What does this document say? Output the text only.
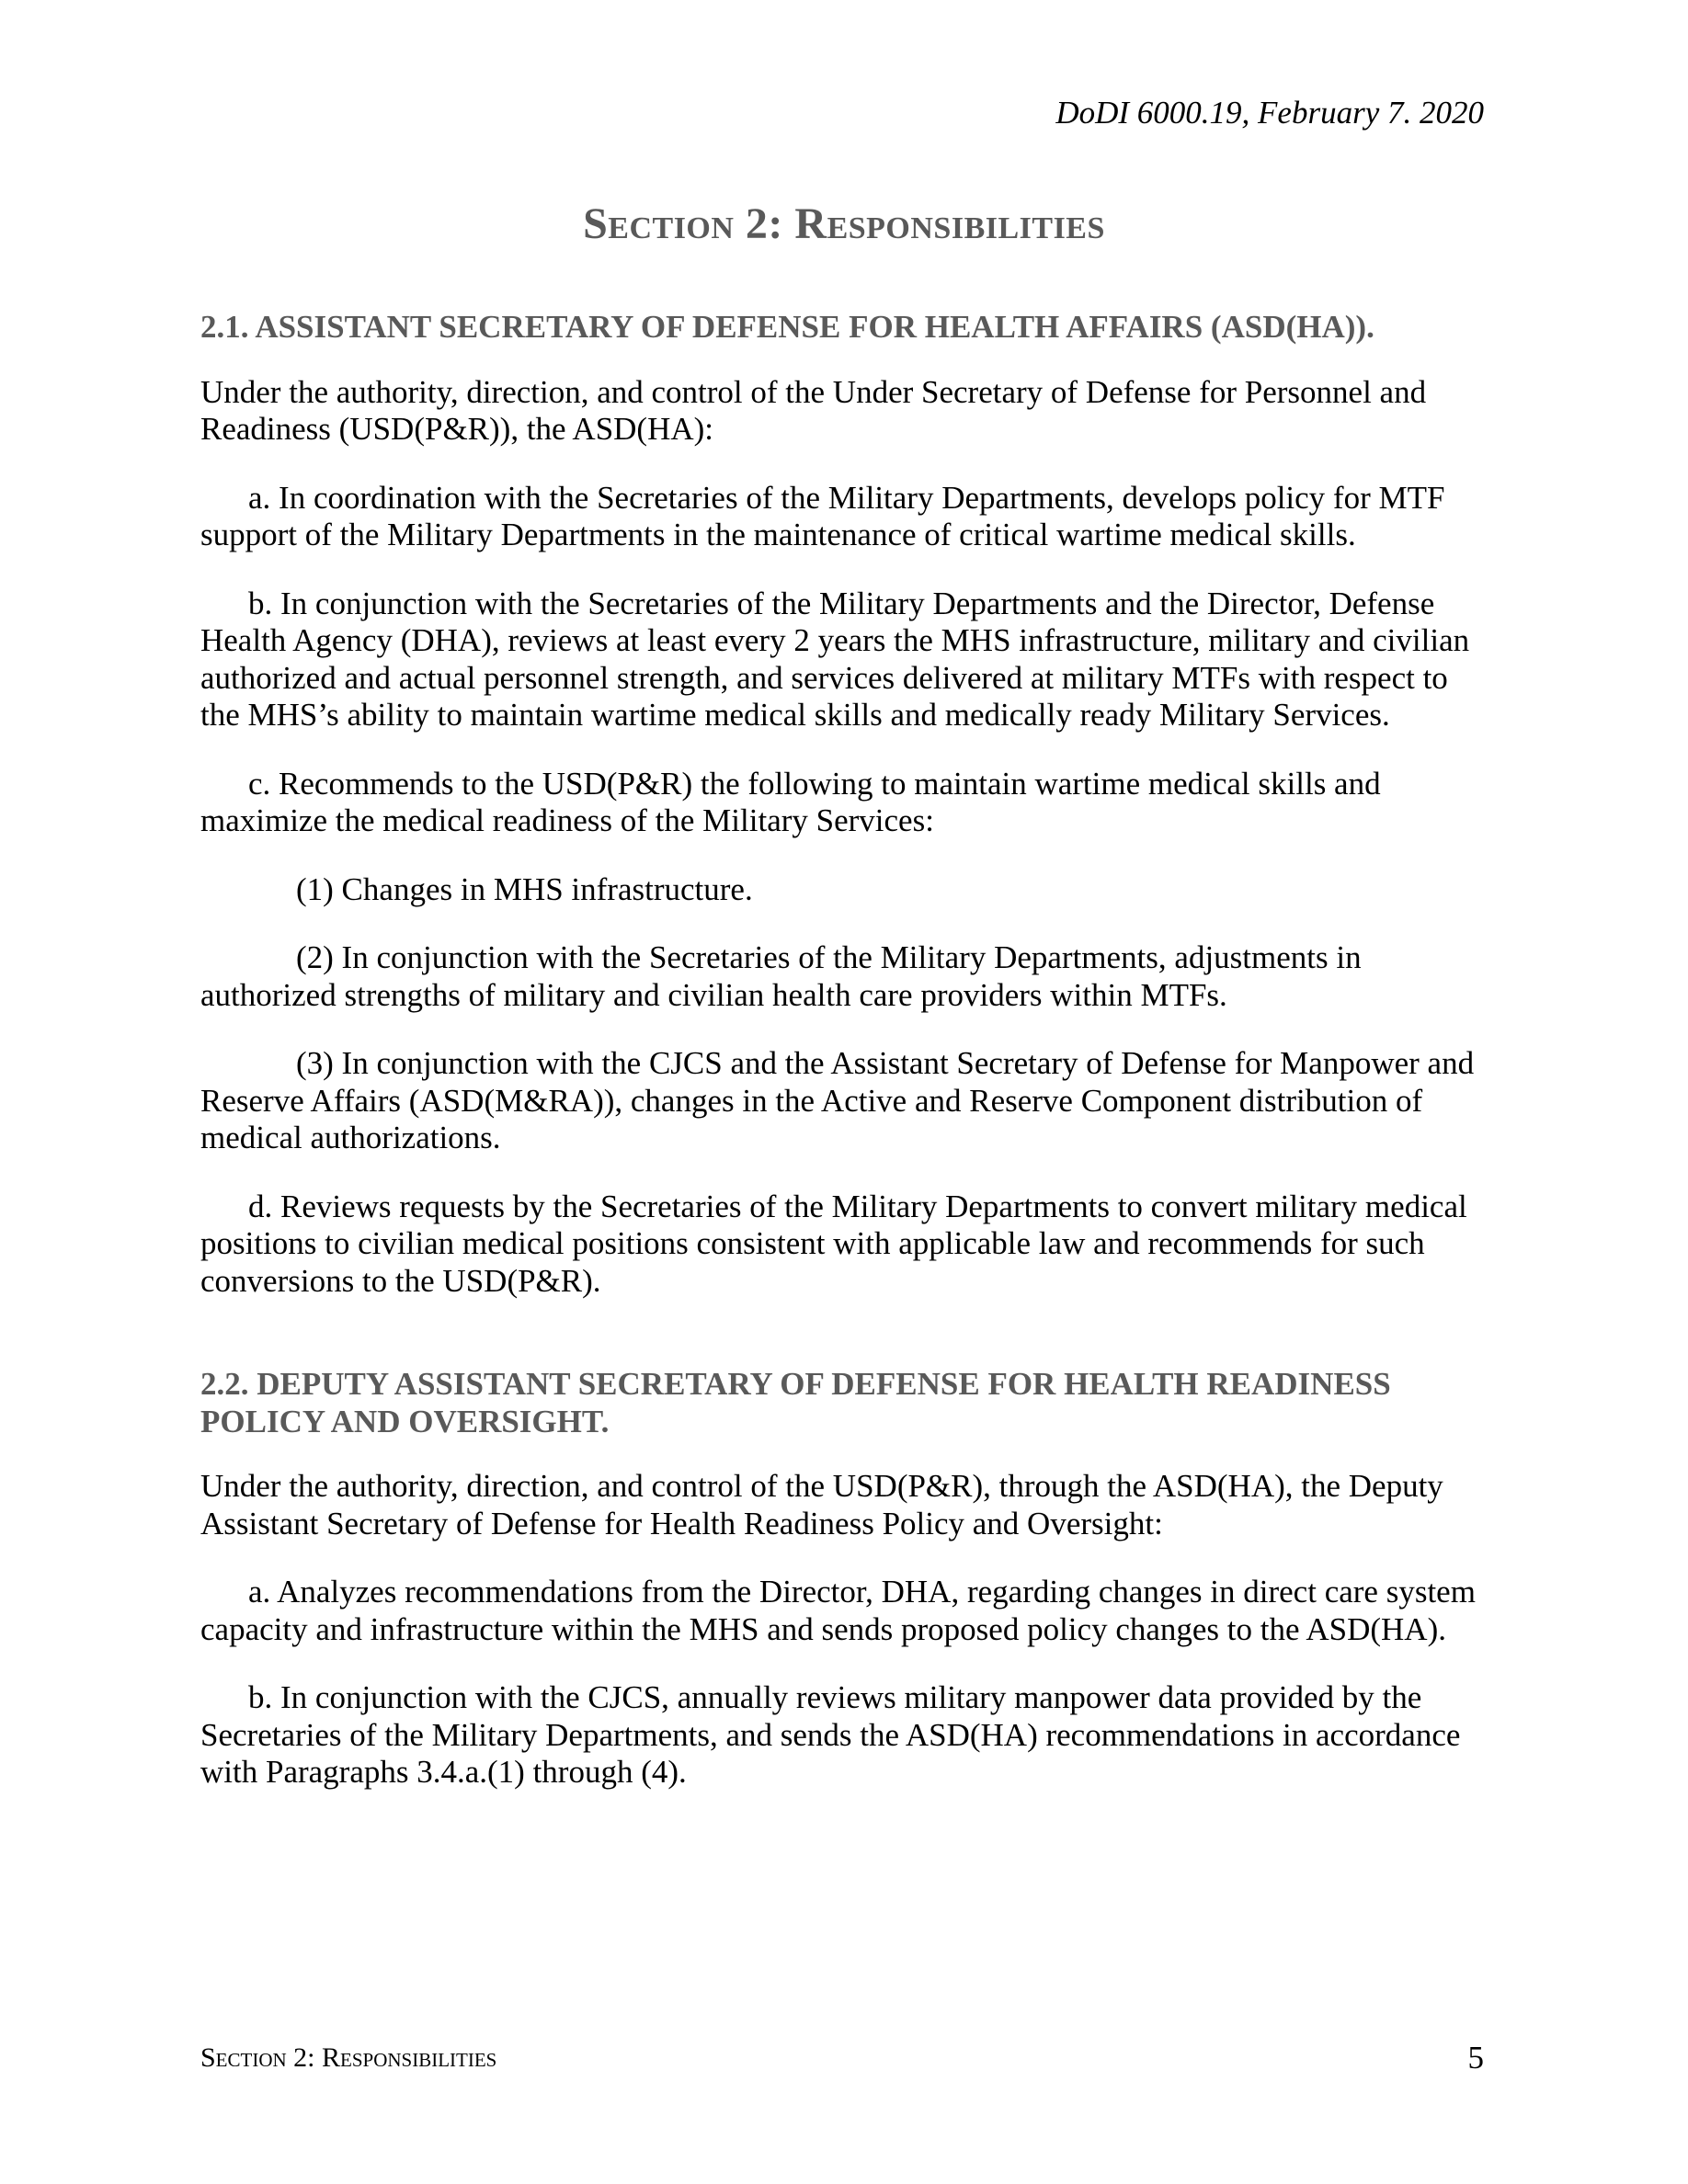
DoDI 6000.19, February 7. 2020
Section 2: Responsibilities
2.1. ASSISTANT SECRETARY OF DEFENSE FOR HEALTH AFFAIRS (ASD(HA)).

Under the authority, direction, and control of the Under Secretary of Defense for Personnel and Readiness (USD(P&R)), the ASD(HA):

a. In coordination with the Secretaries of the Military Departments, develops policy for MTF support of the Military Departments in the maintenance of critical wartime medical skills.

b. In conjunction with the Secretaries of the Military Departments and the Director, Defense Health Agency (DHA), reviews at least every 2 years the MHS infrastructure, military and civilian authorized and actual personnel strength, and services delivered at military MTFs with respect to the MHS’s ability to maintain wartime medical skills and medically ready Military Services.

c. Recommends to the USD(P&R) the following to maintain wartime medical skills and maximize the medical readiness of the Military Services:

(1) Changes in MHS infrastructure.

(2) In conjunction with the Secretaries of the Military Departments, adjustments in authorized strengths of military and civilian health care providers within MTFs.

(3) In conjunction with the CJCS and the Assistant Secretary of Defense for Manpower and Reserve Affairs (ASD(M&RA)), changes in the Active and Reserve Component distribution of medical authorizations.

d. Reviews requests by the Secretaries of the Military Departments to convert military medical positions to civilian medical positions consistent with applicable law and recommends for such conversions to the USD(P&R).

2.2. DEPUTY ASSISTANT SECRETARY OF DEFENSE FOR HEALTH READINESS POLICY AND OVERSIGHT.

Under the authority, direction, and control of the USD(P&R), through the ASD(HA), the Deputy Assistant Secretary of Defense for Health Readiness Policy and Oversight:

a. Analyzes recommendations from the Director, DHA, regarding changes in direct care system capacity and infrastructure within the MHS and sends proposed policy changes to the ASD(HA).

b. In conjunction with the CJCS, annually reviews military manpower data provided by the Secretaries of the Military Departments, and sends the ASD(HA) recommendations in accordance with Paragraphs 3.4.a.(1) through (4).

Section 2: Responsibilities	5
